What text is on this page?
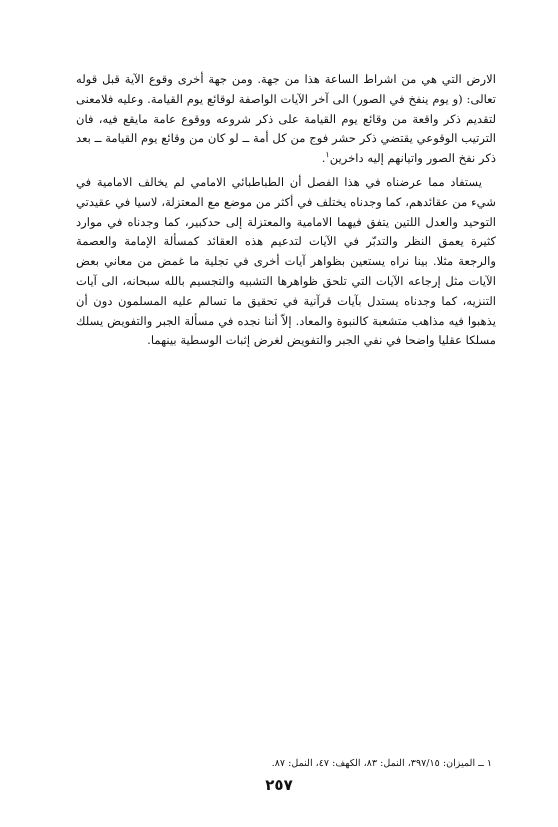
الارض التي هي من اشراط الساعة هذا من جهة. ومن جهة أخرى وقوع الآية قبل قوله تعالى: (و يوم ينفخ في الصور) الى آخر الآيات الواصفة لوقائع يوم القيامة. وعليه فلامعنى لتقديم ذكر واقعة من وقائع يوم القيامة على ذكر شروعه ووقوع عامة مايقع فيه، فان الترتيب الوقوعي يقتضي ذكر حشر فوج من كل أمة ــ لو كان من وقائع يوم القيامة ــ بعد ذكر نفخ الصور واتيانهم إليه داخرين$^١$.

يستفاد مما عرضناه في هذا الفصل أن الطباطبائي الامامي لم يخالف الامامية في شيء من عقائدهم، كما وجدناه يختلف في أكثر من موضع مع المعتزلة، لاسيا في عقيدتي التوحيد والعدل اللتين يتفق فيهما الامامية والمعتزلة إلى حدكبير، كما وجدناه في موارد كثيرة يعمق النظر والتدبّر في الآيات لتدعيم هذه العقائد كمسألة الإمامة والعصمة والرجعة مثلا. بينا نراه يستعين بظواهر آيات أخرى في تجلية ما غمض من معاني بعض الآيات مثل إرجاعه الآيات التي تلحق ظواهرها التشبيه والتجسيم بالله سبحانه، الى آيات التنزيه، كما وجدناه يستدل بآيات قرآنية في تحقيق ما تسالم عليه المسلمون دون أن يذهبوا فيه مذاهب متشعبة كالنبوة والمعاد. إلاّ أننا نجده في مسألة الجبر والتفويض يسلك مسلكا عقليا واضحا في نفي الجبر والتفويض لغرض إثبات الوسطية بينهما.

١ ــ الميزان: ٣٩٧/١٥، النمل: ٨٣، الكهف: ٤٧، النمل: ٨٧.
٢٥٧
